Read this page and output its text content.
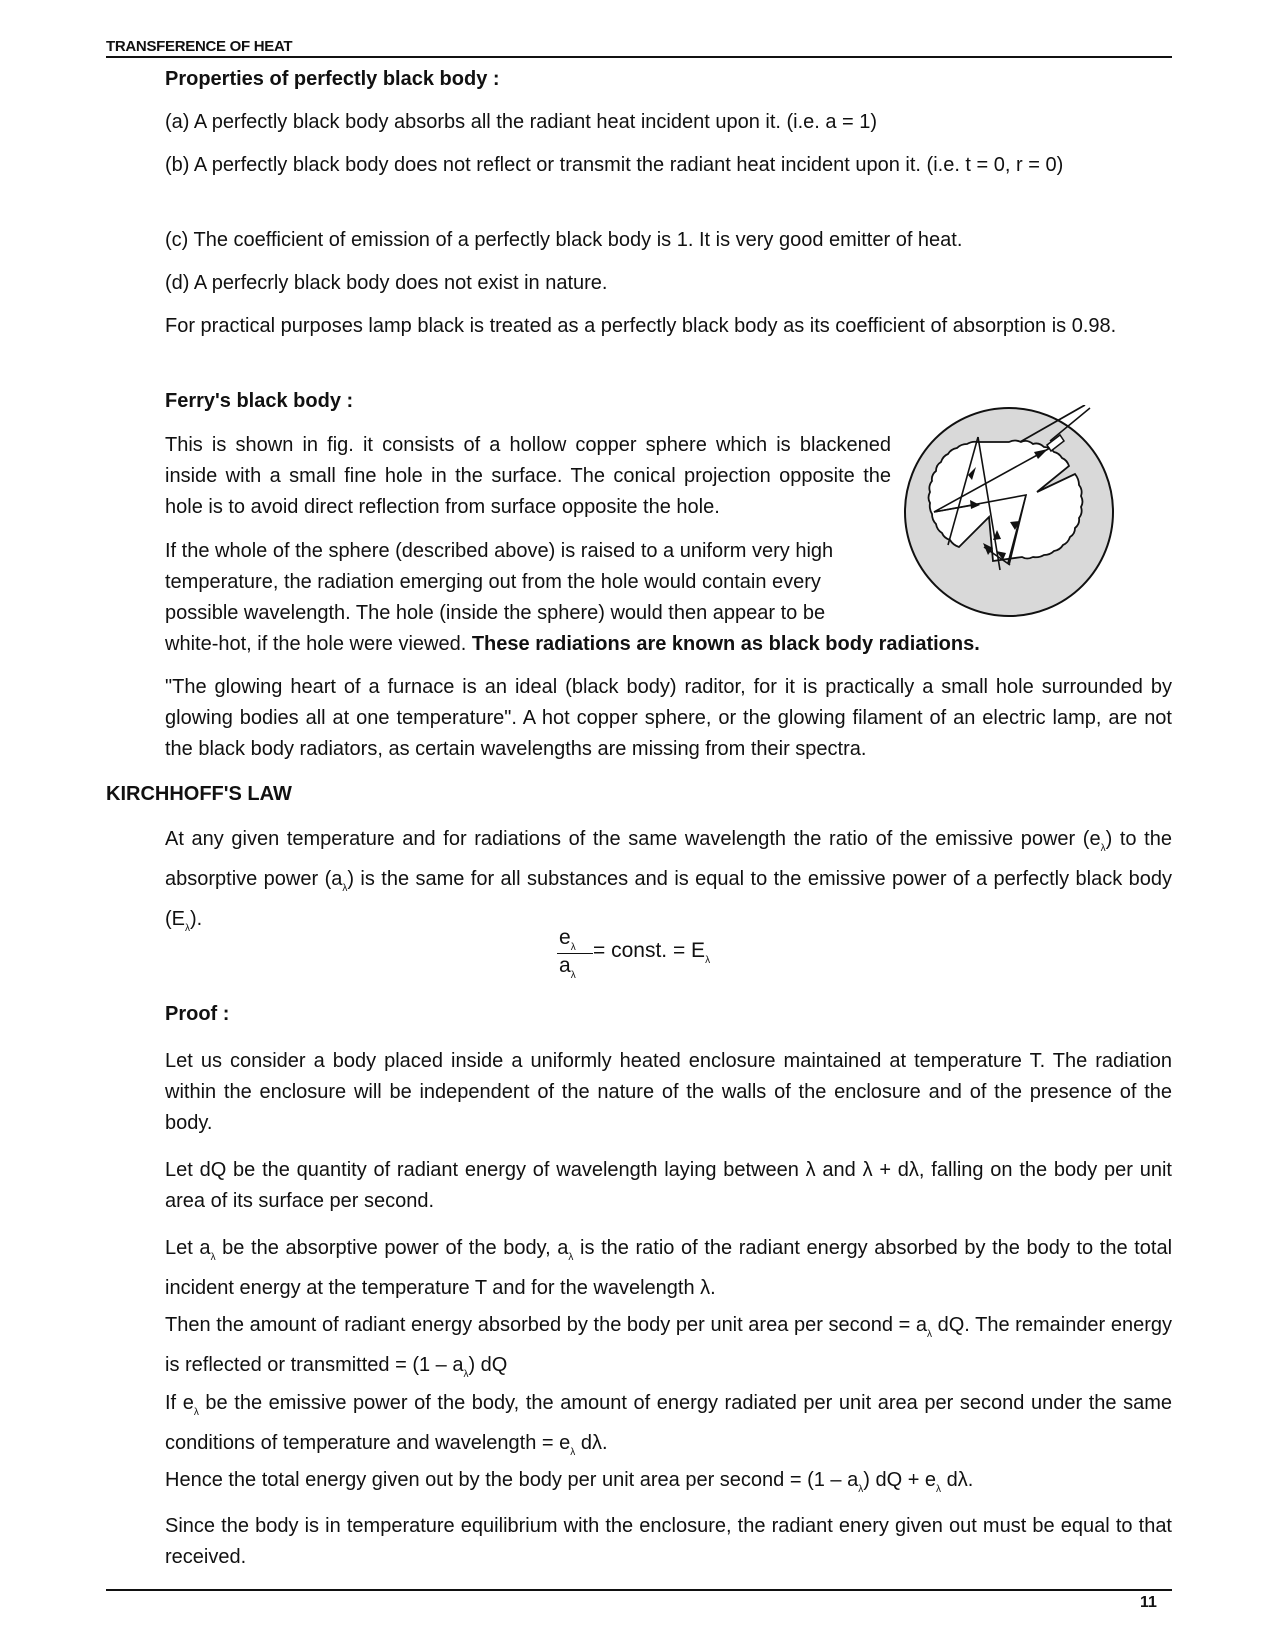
TRANSFERENCE OF HEAT
Properties of perfectly black body :
(a) A perfectly black body absorbs all the radiant heat incident upon it. (i.e. a = 1)
(b) A perfectly black body does not reflect or transmit the radiant heat incident upon it. (i.e. t = 0, r = 0)
(c) The coefficient of emission of a perfectly black body is 1. It is very good emitter of heat.
(d) A perfecrly black body does not exist in nature.
For practical purposes lamp black is treated as a perfectly black body as its coefficient of absorption is 0.98.
Ferry's black body :
This is shown in fig. it consists of a hollow copper sphere which is blackened inside with a small fine hole in the surface. The conical projection opposite the hole is to avoid direct reflection from surface opposite the hole.
If the whole of the sphere (described above) is raised to a uniform very high
temperature, the radiation emerging out from the hole would contain every
possible wavelength. The hole (inside the sphere) would then appear to be
white-hot, if the hole were viewed. These radiations are known as black body radiations.
"The glowing heart of a furnace is an ideal (black body) raditor, for it is practically a small hole surrounded by glowing bodies all at one temperature". A hot copper sphere, or the glowing filament of an electric lamp, are not the black body radiators, as certain wavelengths are missing from their spectra.
KIRCHHOFF'S LAW
At any given temperature and for radiations of the same wavelength the ratio of the emissive power $(e_\lambda)$ to the absorptive power $(a_\lambda)$ is the same for all substances and is equal to the emissive power of a perfectly black body $(E_\lambda)$.
$e_\lambda$
$a_\lambda$
= const. = $E_\lambda$
Proof :
Let us consider a body placed inside a uniformly heated enclosure maintained at temperature T. The radiation within the enclosure will be independent of the nature of the walls of the enclosure and of the presence of the body.
Let dQ be the quantity of radiant energy of wavelength laying between λ and λ + dλ, falling on the body per unit area of its surface per second.
Let $a_\lambda$ be the absorptive power of the body, $a_\lambda$ is the ratio of the radiant energy absorbed by the body to the total incident energy at the temperature T and for the wavelength λ.
Then the amount of radiant energy absorbed by the body per unit area per second = $a_\lambda$ dQ. The remainder energy is reflected or transmitted = $(1 - a_\lambda)$ dQ
If $e_\lambda$ be the emissive power of the body, the amount of energy radiated per unit area per second under the same conditions of temperature and wavelength = $e_\lambda$ dλ.
Hence the total energy given out by the body per unit area per second = $(1 - a_\lambda)$ dQ + $e_\lambda$ dλ.
Since the body is in temperature equilibrium with the enclosure, the radiant enery given out must be equal to that received.
11
